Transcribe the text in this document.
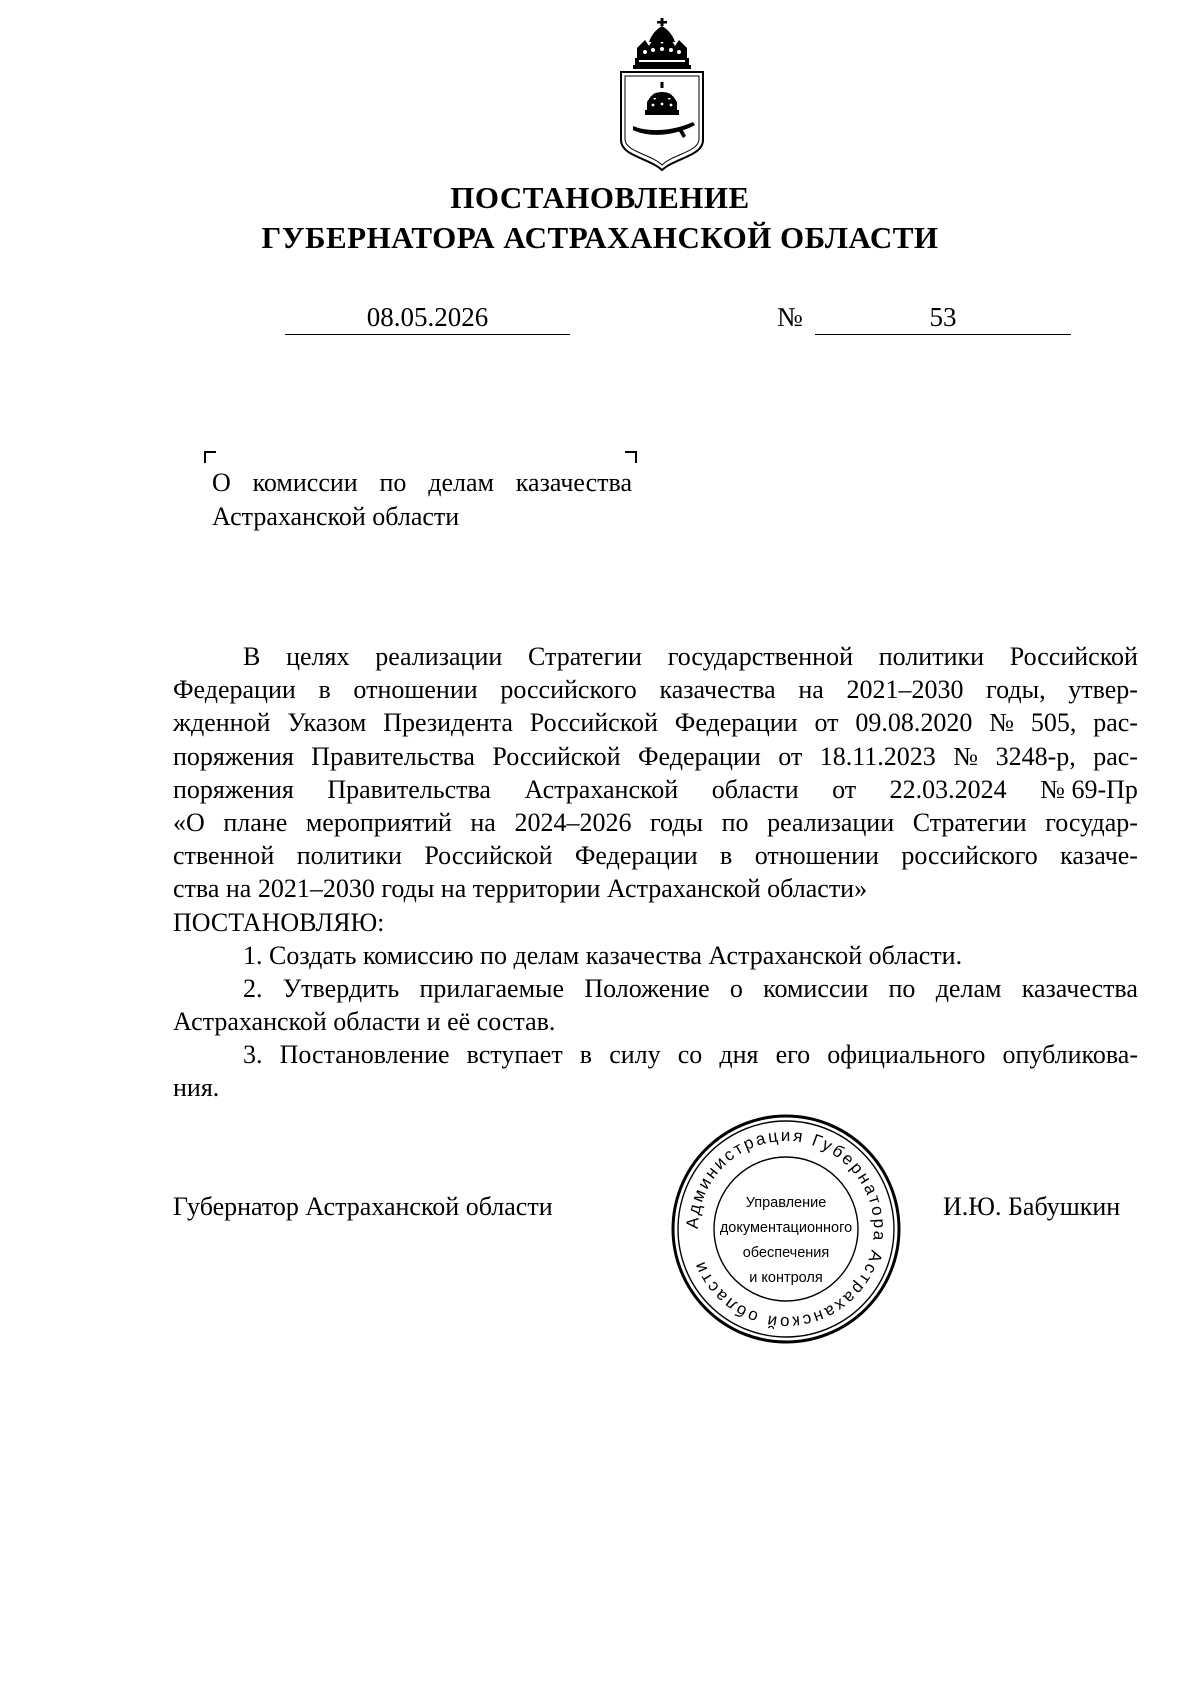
ПОСТАНОВЛЕНИЕ
ГУБЕРНАТОРА АСТРАХАНСКОЙ ОБЛАСТИ
08.05.2026	№	53
О комиссии по делам казачества
Астраханской области
В целях реализации Стратегии государственной политики Российской
Федерации в отношении российского казачества на 2021–2030 годы, утвер-
жденной Указом Президента Российской Федерации от 09.08.2020 № 505, рас-
поряжения Правительства Российской Федерации от 18.11.2023 № 3248-р, рас-
поряжения Правительства Астраханской области от 22.03.2024 № 69-Пр
«О плане мероприятий на 2024–2026 годы по реализации Стратегии государ-
ственной политики Российской Федерации в отношении российского казаче-
ства на 2021–2030 годы на территории Астраханской области»
ПОСТАНОВЛЯЮ:
1. Создать комиссию по делам казачества Астраханской области.
2. Утвердить прилагаемые Положение о комиссии по делам казачества
Астраханской области и её состав.
3. Постановление вступает в силу со дня его официального опубликова-
ния.
Губернатор Астраханской области	И.Ю. Бабушкин
Администрация Губернатора Астраханской области
Управление
документационного
обеспечения
и контроля
